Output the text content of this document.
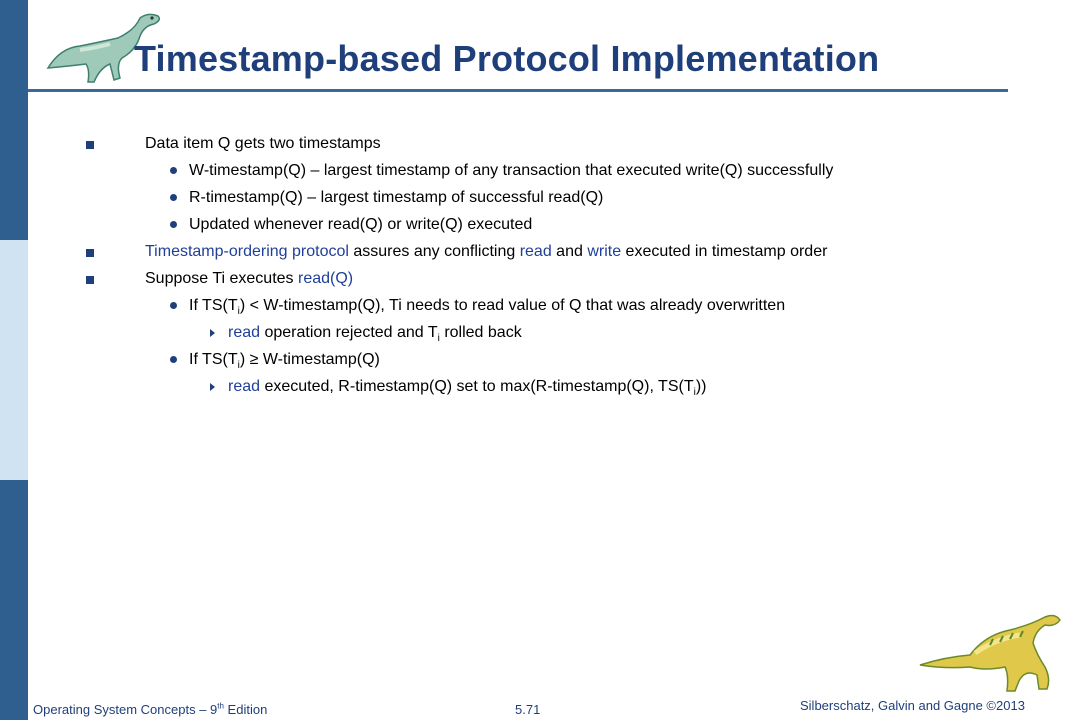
Timestamp-based Protocol Implementation
Data item Q gets two timestamps
W-timestamp(Q) – largest timestamp of any transaction that executed write(Q) successfully
R-timestamp(Q) – largest timestamp of successful read(Q)
Updated whenever read(Q) or write(Q) executed
Timestamp-ordering protocol assures any conflicting read and write executed in timestamp order
Suppose Ti executes read(Q)
If $TS(T_i)$ < W-timestamp(Q), Ti needs to read value of Q that was already overwritten
read operation rejected and $T_i$ rolled back
If $TS(T_i)$ ≥ W-timestamp(Q)
read executed, R-timestamp(Q) set to max(R-timestamp(Q), $TS(T_i)$)
Operating System Concepts – 9th Edition	5.71	Silberschatz, Galvin and Gagne ©2013
